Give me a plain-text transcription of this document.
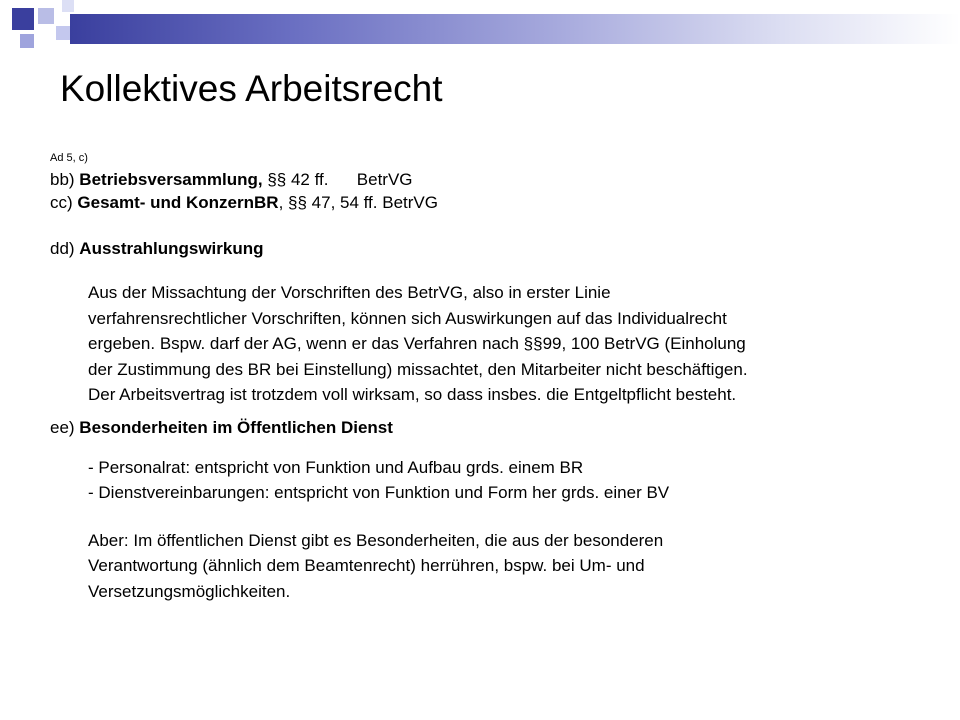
Kollektives Arbeitsrecht

Ad 5, c)

bb) Betriebsversammlung, §§ 42 ff.      BetrVG

cc) Gesamt- und KonzernBR, §§ 47, 54 ff. BetrVG

dd) Ausstrahlungswirkung

Aus der Missachtung der Vorschriften des BetrVG, also in erster Linie

verfahrensrechtlicher Vorschriften, können sich Auswirkungen auf das Individualrecht

ergeben. Bspw. darf der AG, wenn er das Verfahren nach §§99, 100 BetrVG (Einholung

der Zustimmung des BR bei Einstellung) missachtet, den Mitarbeiter nicht beschäftigen.

Der Arbeitsvertrag ist trotzdem voll wirksam, so dass insbes. die Entgeltpflicht besteht.

ee) Besonderheiten im Öffentlichen Dienst

- Personalrat: entspricht von Funktion und Aufbau grds. einem BR

- Dienstvereinbarungen: entspricht von Funktion und Form her grds. einer BV

Aber: Im öffentlichen Dienst gibt es Besonderheiten, die aus der besonderen

Verantwortung (ähnlich dem Beamtenrecht) herrühren, bspw. bei Um- und

Versetzungsmöglichkeiten.
